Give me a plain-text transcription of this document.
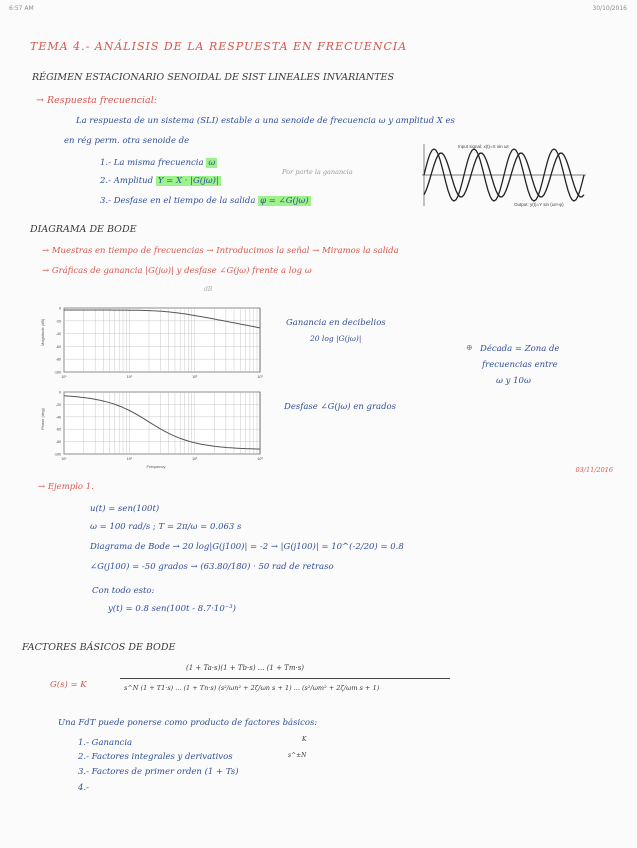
6:57 AM	30/10/2016
TEMA 4.- ANÁLISIS DE LA RESPUESTA EN FRECUENCIA
RÉGIMEN ESTACIONARIO SENOIDAL DE SIST LINEALES INVARIANTES
→ Respuesta frecuencial:
La respuesta de un sistema (SLI) estable a una senoide de frecuencia ω y amplitud X es
en rég perm. otra senoide de
1.- La misma frecuencia ω
2.- Amplitud Y = X · |G(jω)|
Por parte la ganancia
3.- Desfase en el tiempo de la salida φ = ∠G(jω)
Input signal: x(t)=X sin ωt
Output: y(t)=Y sin (ωt+φ)
DIAGRAMA DE BODE
→ Muestras en tiempo de frecuencias → Introducimos la señal → Miramos la salida
→ Gráficas de ganancia |G(jω)| y desfase ∠G(jω) frente a log ω
dB
Magnitude (dB)
0
-20
-40
-60
-80
-100
10⁰	10¹	10²	10³
Phase (deg)
0
-20
-40
-60
-80
-100
10⁰	10¹	10²	10³
Frequency
Ganancia en decibelios
20 log |G(jω)|
⊕ Década = Zona de
frecuencias entre
ω y 10ω
Desfase ∠G(jω) en grados
03/11/2016
→ Ejemplo 1.
u(t) = sen(100t)
ω = 100 rad/s ; T = 2π/ω = 0.063 s
Diagrama de Bode → 20 log|G(j100)| = -2 → |G(j100)| = 10^(-2/20) = 0.8
∠G(j100) = -50 grados → (63.80/180) · 50 rad de retraso
Con todo esto:
y(t) = 0.8 sen(100t - 8.7·10⁻³)
FACTORES BÁSICOS DE BODE
G(s) = K
(1 + Ta·s)(1 + Tb·s) ... (1 + Tm·s)
s^N (1 + T1·s) ... (1 + Tn·s) (s²/ωn² + 2ζ/ωn s + 1) ... (s²/ωm² + 2ζ/ωm s + 1)
Una FdT puede ponerse como producto de factores básicos:
1.- Ganancia	K
2.- Factores integrales y derivativos	s^±N
3.- Factores de primer orden (1 + Ts)
4.-
